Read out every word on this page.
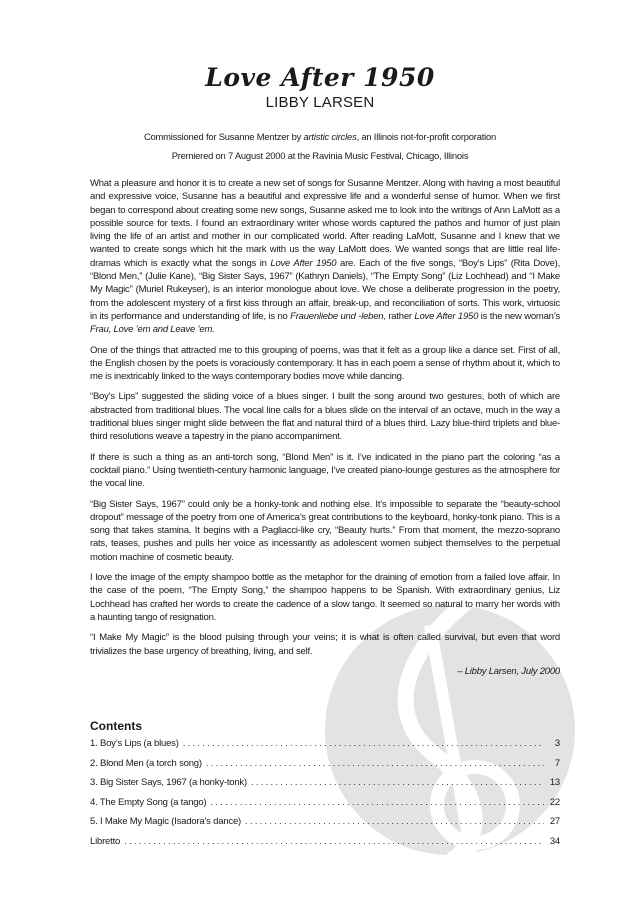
Love After 1950
LIBBY LARSEN
Commissioned for Susanne Mentzer by artistic circles, an Illinois not-for-profit corporation
Premiered on 7 August 2000 at the Ravinia Music Festival, Chicago, Illinois

What a pleasure and honor it is to create a new set of songs for Susanne Mentzer. Along with having a most beautiful and expressive voice, Susanne has a beautiful and expressive life and a wonderful sense of humor. When we first began to correspond about creating some new songs, Susanne asked me to look into the writings of Ann LaMott as a possible source for texts. I found an extraordinary writer whose words captured the pathos and humor of just plain living the life of an artist and mother in our complicated world. After reading LaMott, Susanne and I knew that we wanted to create songs which hit the mark with us the way LaMott does. We wanted songs that are little real life-dramas which is exactly what the songs in Love After 1950 are. Each of the five songs, “Boy’s Lips” (Rita Dove), “Blond Men,” (Julie Kane), “Big Sister Says, 1967” (Kathryn Daniels), “The Empty Song” (Liz Lochhead) and “I Make My Magic” (Muriel Rukeyser), is an interior monologue about love. We chose a deliberate progression in the poetry, from the adolescent mystery of a first kiss through an affair, break-up, and reconciliation of sorts. This work, virtuosic in its performance and understanding of life, is no Frauenliebe und -leben, rather Love After 1950 is the new woman’s Frau, Love ’em and Leave ’em.

One of the things that attracted me to this grouping of poems, was that it felt as a group like a dance set. First of all, the English chosen by the poets is voraciously contemporary. It has in each poem a sense of rhythm about it, which to me is inextricably linked to the ways contemporary bodies move while dancing.

“Boy’s Lips” suggested the sliding voice of a blues singer. I built the song around two gestures, both of which are abstracted from traditional blues. The vocal line calls for a blues slide on the interval of an octave, much in the way a traditional blues singer might slide between the flat and natural third of a blues third. Lazy blue-third triplets and blue-third resolutions weave a tapestry in the piano accompaniment.

If there is such a thing as an anti-torch song, “Blond Men” is it. I’ve indicated in the piano part the coloring “as a cocktail piano.” Using twentieth-century harmonic language, I’ve created piano-lounge gestures as the atmosphere for the vocal line.

“Big Sister Says, 1967” could only be a honky-tonk and nothing else. It’s impossible to separate the “beauty-school dropout” message of the poetry from one of America’s great contributions to the keyboard, honky-tonk piano. This is a song that takes stamina. It begins with a Pagliacci-like cry, “Beauty hurts.” From that moment, the mezzo-soprano rats, teases, pushes and pulls her voice as incessantly as adolescent women subject themselves to the perpetual motion machine of cosmetic beauty.

I love the image of the empty shampoo bottle as the metaphor for the draining of emotion from a failed love affair. In the case of the poem, “The Empty Song,” the shampoo happens to be Spanish. With extraordinary genius, Liz Lochhead has crafted her words to create the cadence of a slow tango. It seemed so natural to marry her words with a haunting tango of resignation.

“I Make My Magic” is the blood pulsing through your veins; it is what is often called survival, but even that word trivializes the base urgency of breathing, living, and self.

– Libby Larsen, July 2000
Contents
1. Boy’s Lips (a blues) . . .	3
2. Blond Men (a torch song) . . .	7
3. Big Sister Says, 1967 (a honky-tonk) . . .	13
4. The Empty Song (a tango) . . .	22
5. I Make My Magic (Isadora’s dance) . . .	27
Libretto . . .	34
